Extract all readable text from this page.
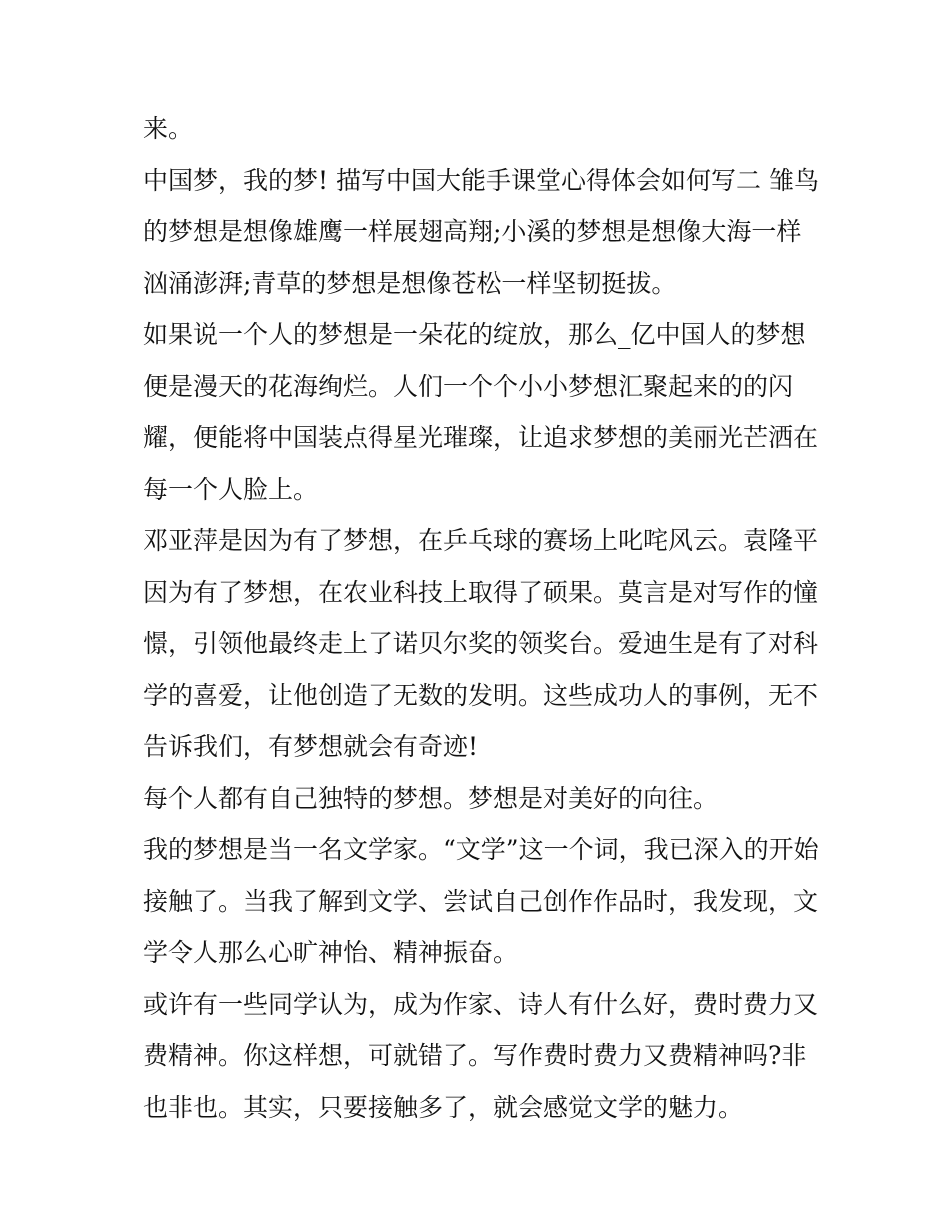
来。

中国梦，我的梦! 描写中国大能手课堂心得体会如何写二 雏鸟

的梦想是想像雄鹰一样展翅高翔;小溪的梦想是想像大海一样

汹涌澎湃;青草的梦想是想像苍松一样坚韧挺拔。

如果说一个人的梦想是一朵花的绽放，那么_亿中国人的梦想

便是漫天的花海绚烂。人们一个个小小梦想汇聚起来的的闪

耀，便能将中国装点得星光璀璨，让追求梦想的美丽光芒洒在

每一个人脸上。

邓亚萍是因为有了梦想，在乒乓球的赛场上叱咤风云。袁隆平

因为有了梦想，在农业科技上取得了硕果。莫言是对写作的憧

憬，引领他最终走上了诺贝尔奖的领奖台。爱迪生是有了对科

学的喜爱，让他创造了无数的发明。这些成功人的事例，无不

告诉我们，有梦想就会有奇迹!

每个人都有自己独特的梦想。梦想是对美好的向往。

我的梦想是当一名文学家。“文学”这一个词，我已深入的开始

接触了。当我了解到文学、尝试自己创作作品时，我发现，文

学令人那么心旷神怡、精神振奋。

或许有一些同学认为，成为作家、诗人有什么好，费时费力又

费精神。你这样想，可就错了。写作费时费力又费精神吗?非

也非也。其实，只要接触多了，就会感觉文学的魅力。
